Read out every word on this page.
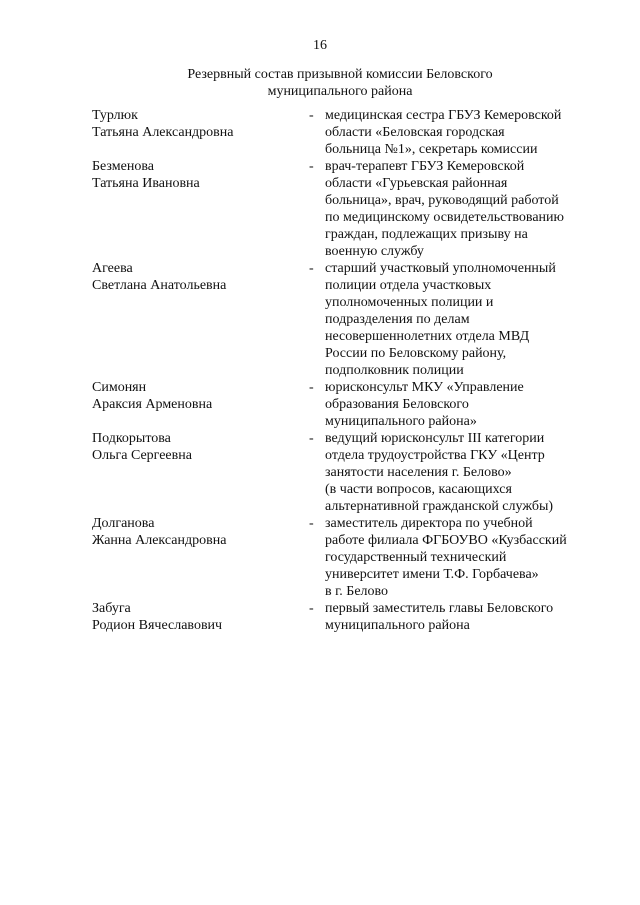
16
Резервный состав призывной комиссии Беловского
муниципального района
Турлюк
Татьяна Александровна
- медицинская сестра ГБУЗ Кемеровской
области «Беловская городская
больница №1», секретарь комиссии
Безменова
Татьяна Ивановна
- врач-терапевт ГБУЗ Кемеровской
области «Гурьевская районная
больница», врач, руководящий работой
по медицинскому освидетельствованию
граждан, подлежащих призыву на
военную службу
Агеева
Светлана Анатольевна
- старший участковый уполномоченный
полиции отдела участковых
уполномоченных полиции и
подразделения по делам
несовершеннолетних отдела МВД
России по Беловскому району,
подполковник полиции
Симонян
Араксия Арменовна
- юрисконсульт МКУ «Управление
образования Беловского
муниципального района»
Подкорытова
Ольга Сергеевна
- ведущий юрисконсульт III категории
отдела трудоустройства ГКУ «Центр
занятости населения г. Белово»
(в части вопросов, касающихся
альтернативной гражданской службы)
Долганова
Жанна Александровна
- заместитель директора по учебной
работе филиала ФГБОУВО «Кузбасский
государственный технический
университет имени Т.Ф. Горбачева»
в г. Белово
Забуга
Родион Вячеславович
- первый заместитель главы Беловского
муниципального района
